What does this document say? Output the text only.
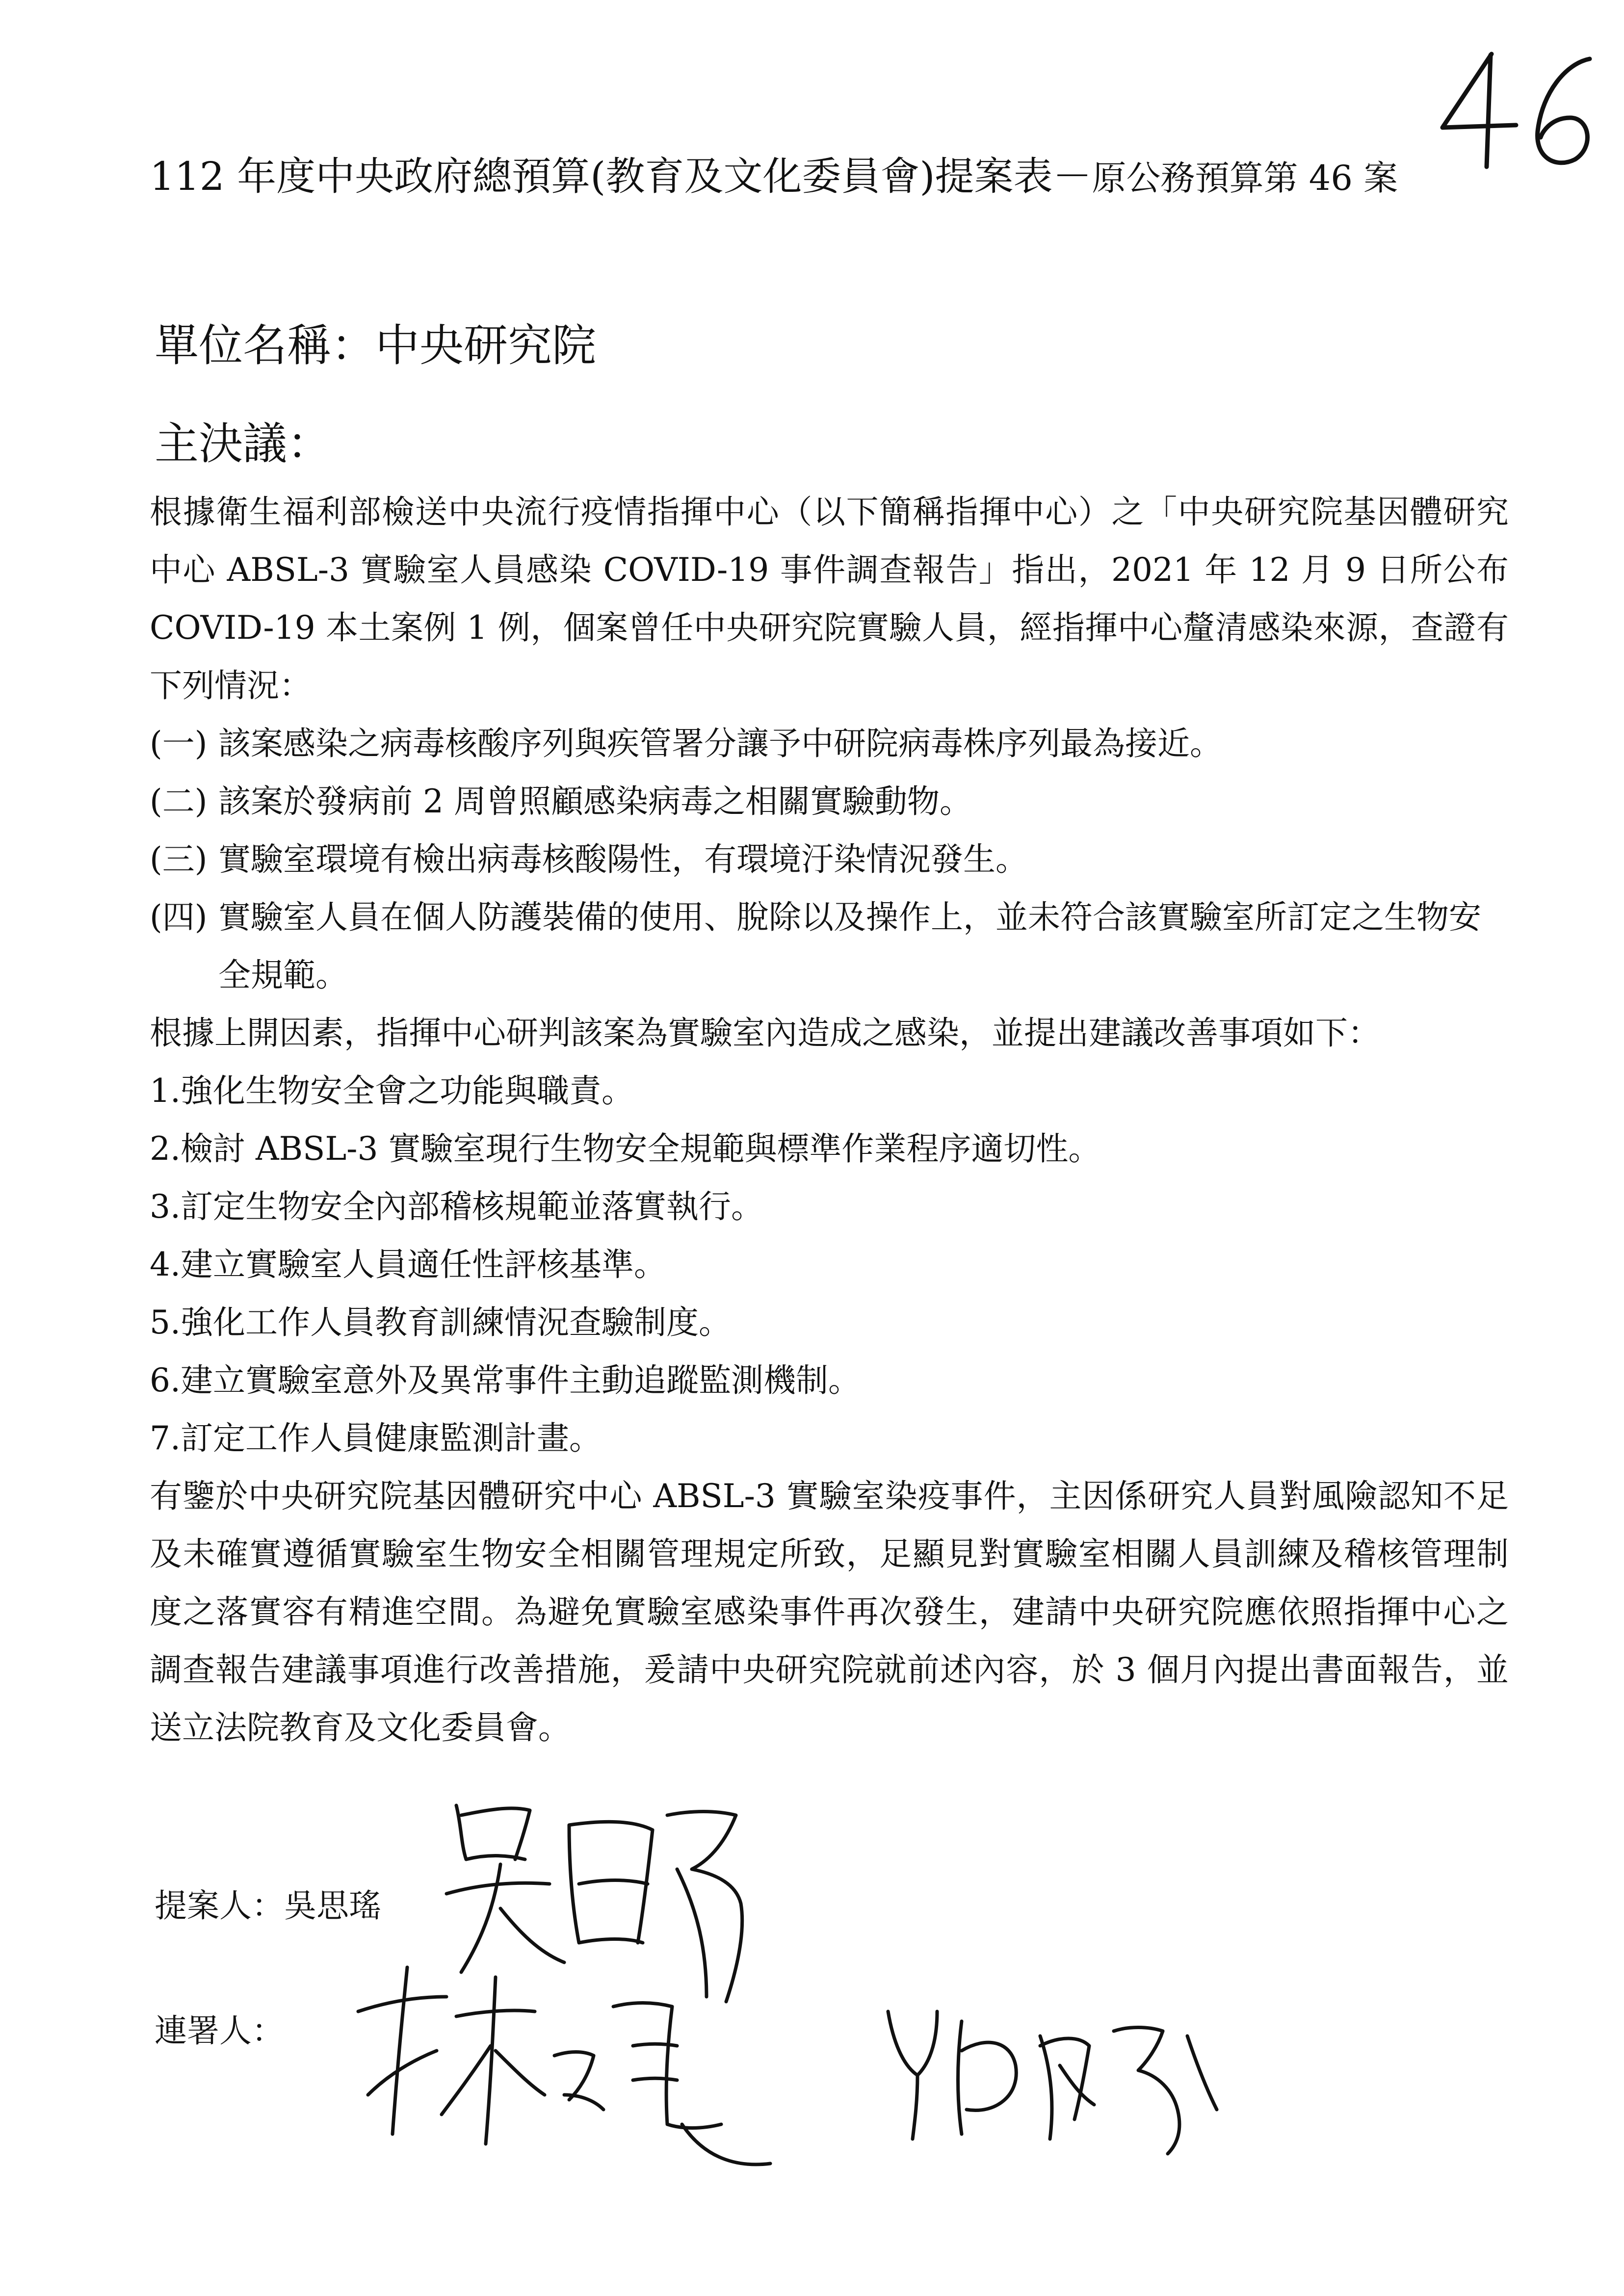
112 年度中央政府總預算(教育及文化委員會)提案表－原公務預算第 46 案
單位名稱：中央研究院
主決議：

根據衛生福利部檢送中央流行疫情指揮中心（以下簡稱指揮中心）之「中央研究院基因體研究中心 ABSL-3 實驗室人員感染 COVID-19 事件調查報告」指出，2021 年 12 月 9 日所公布 COVID-19 本土案例 1 例，個案曾任中央研究院實驗人員，經指揮中心釐清感染來源，查證有下列情況：

(一) 該案感染之病毒核酸序列與疾管署分讓予中研院病毒株序列最為接近。
(二) 該案於發病前 2 周曾照顧感染病毒之相關實驗動物。
(三) 實驗室環境有檢出病毒核酸陽性，有環境汙染情況發生。
(四) 實驗室人員在個人防護裝備的使用、脫除以及操作上，並未符合該實驗室所訂定之生物安全規範。

根據上開因素，指揮中心研判該案為實驗室內造成之感染，並提出建議改善事項如下：

1.強化生物安全會之功能與職責。

2.檢討 ABSL-3 實驗室現行生物安全規範與標準作業程序適切性。

3.訂定生物安全內部稽核規範並落實執行。

4.建立實驗室人員適任性評核基準。

5.強化工作人員教育訓練情況查驗制度。

6.建立實驗室意外及異常事件主動追蹤監測機制。

7.訂定工作人員健康監測計畫。

有鑒於中央研究院基因體研究中心 ABSL-3 實驗室染疫事件，主因係研究人員對風險認知不足及未確實遵循實驗室生物安全相關管理規定所致，足顯見對實驗室相關人員訓練及稽核管理制度之落實容有精進空間。為避免實驗室感染事件再次發生，建請中央研究院應依照指揮中心之調查報告建議事項進行改善措施，爰請中央研究院就前述內容，於 3 個月內提出書面報告，並送立法院教育及文化委員會。

提案人：吳思瑤
連署人：
